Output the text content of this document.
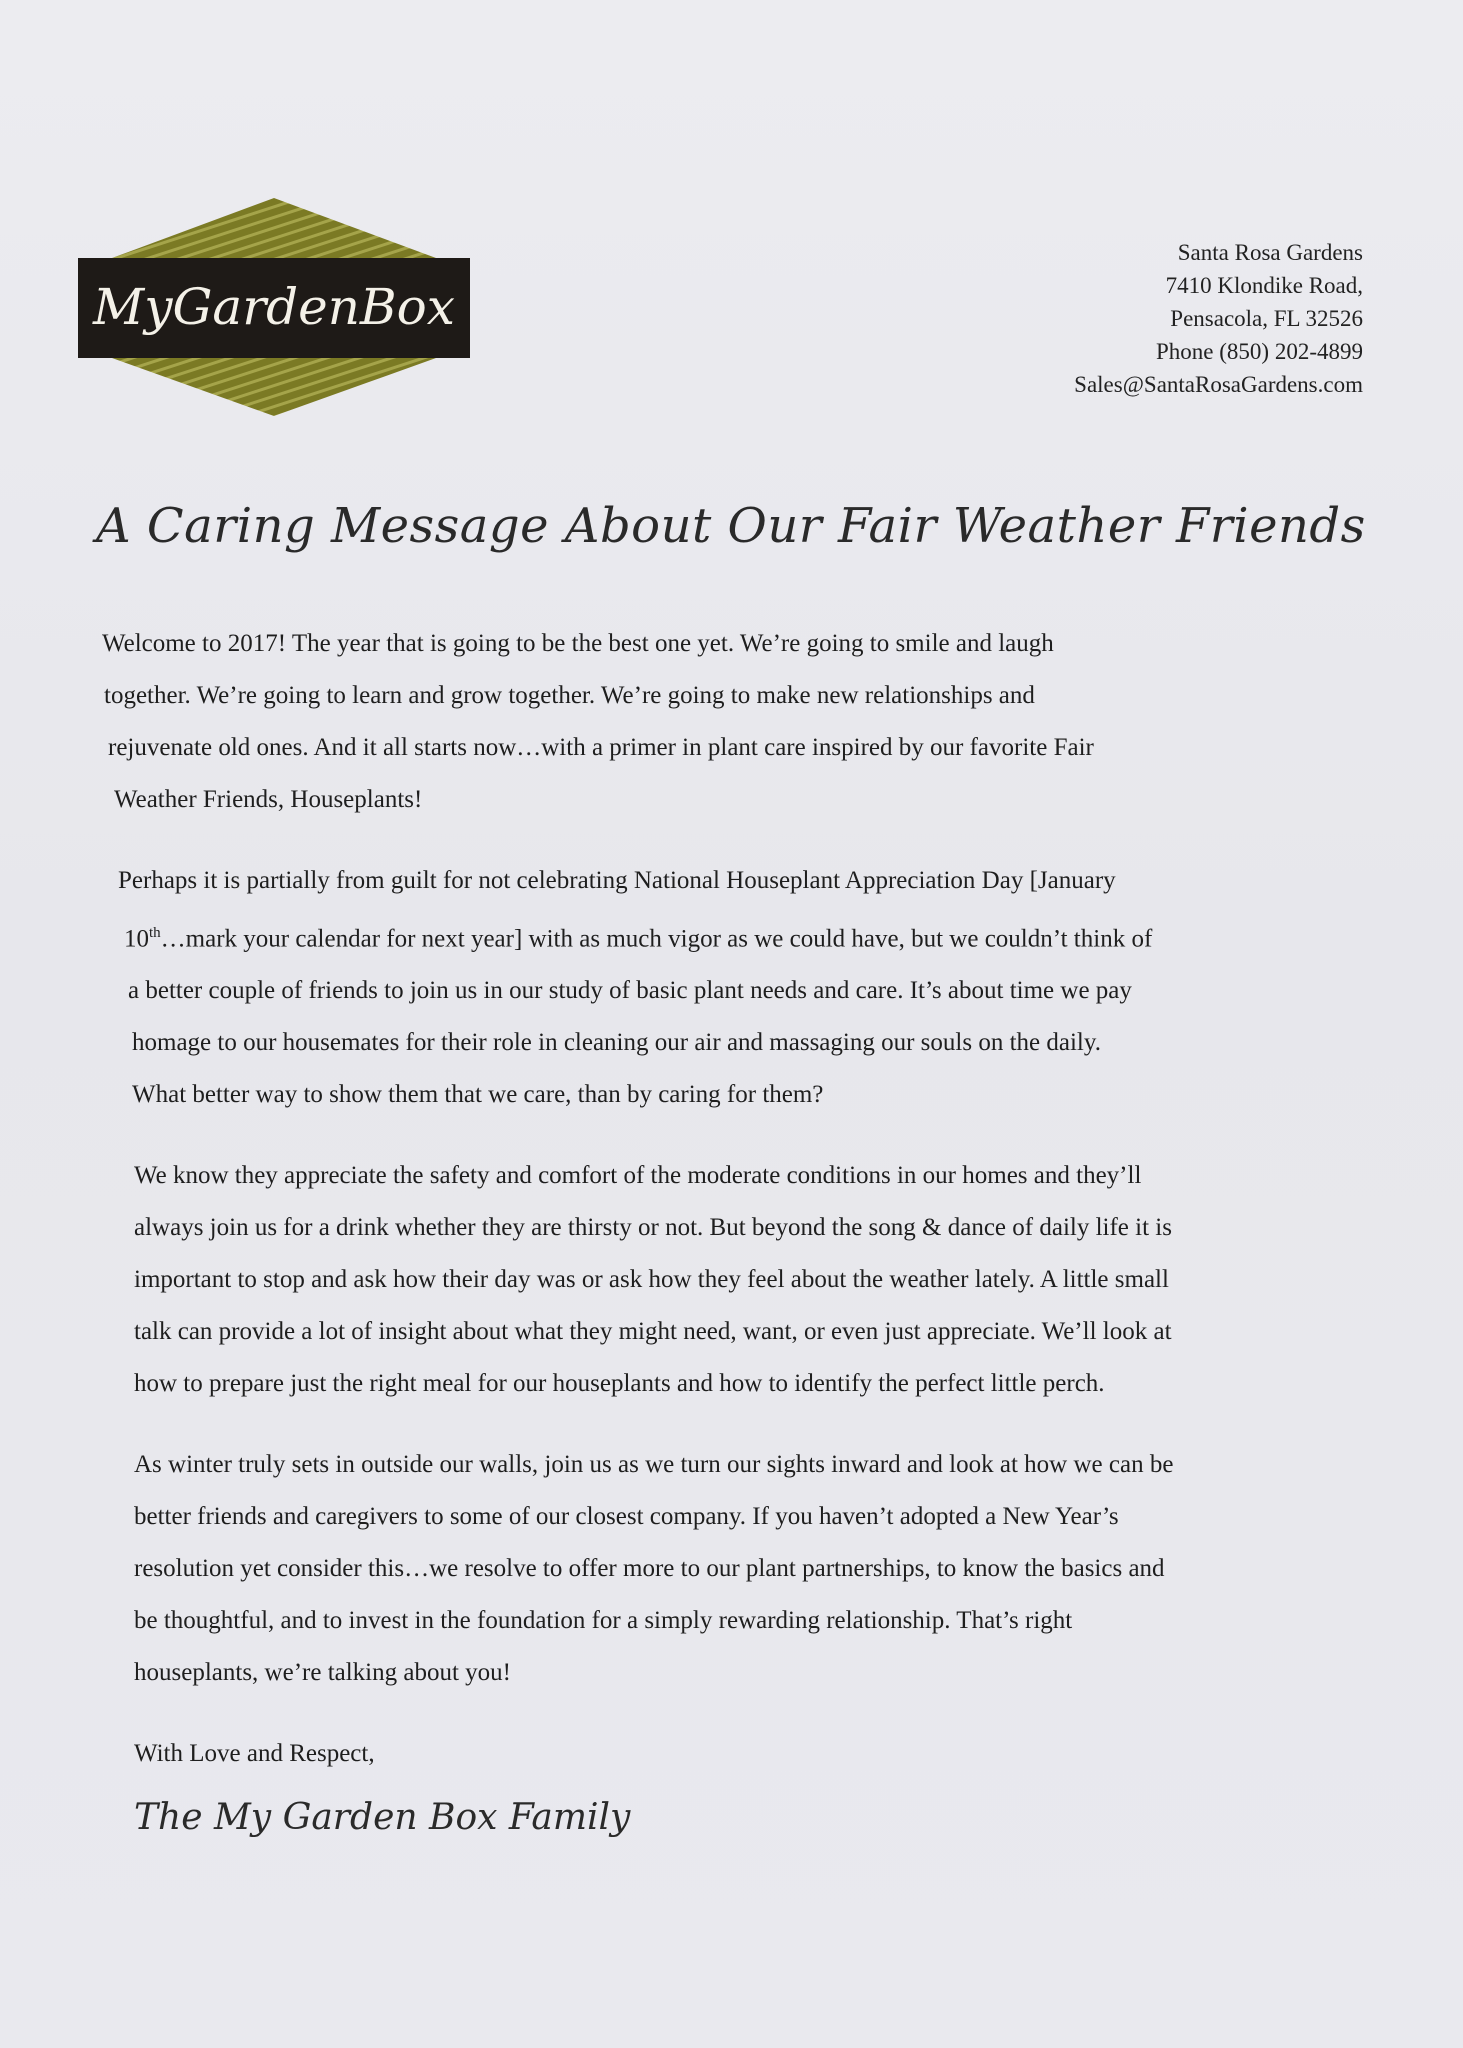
MyGardenBox
Santa Rosa Gardens
7410 Klondike Road,
Pensacola, FL 32526
Phone (850) 202-4899
Sales@SantaRosaGardens.com
A Caring Message About Our Fair Weather Friends

Welcome to 2017! The year that is going to be the best one yet. We’re going to smile and laugh
together. We’re going to learn and grow together. We’re going to make new relationships and
rejuvenate old ones. And it all starts now…with a primer in plant care inspired by our favorite Fair
Weather Friends, Houseplants!

Perhaps it is partially from guilt for not celebrating National Houseplant Appreciation Day [January
10th…mark your calendar for next year] with as much vigor as we could have, but we couldn’t think of
a better couple of friends to join us in our study of basic plant needs and care. It’s about time we pay
homage to our housemates for their role in cleaning our air and massaging our souls on the daily.
What better way to show them that we care, than by caring for them?

We know they appreciate the safety and comfort of the moderate conditions in our homes and they’ll
always join us for a drink whether they are thirsty or not. But beyond the song & dance of daily life it is
important to stop and ask how their day was or ask how they feel about the weather lately. A little small
talk can provide a lot of insight about what they might need, want, or even just appreciate. We’ll look at
how to prepare just the right meal for our houseplants and how to identify the perfect little perch.

As winter truly sets in outside our walls, join us as we turn our sights inward and look at how we can be
better friends and caregivers to some of our closest company. If you haven’t adopted a New Year’s
resolution yet consider this…we resolve to offer more to our plant partnerships, to know the basics and
be thoughtful, and to invest in the foundation for a simply rewarding relationship. That’s right
houseplants, we’re talking about you!

With Love and Respect,
The My Garden Box Family
